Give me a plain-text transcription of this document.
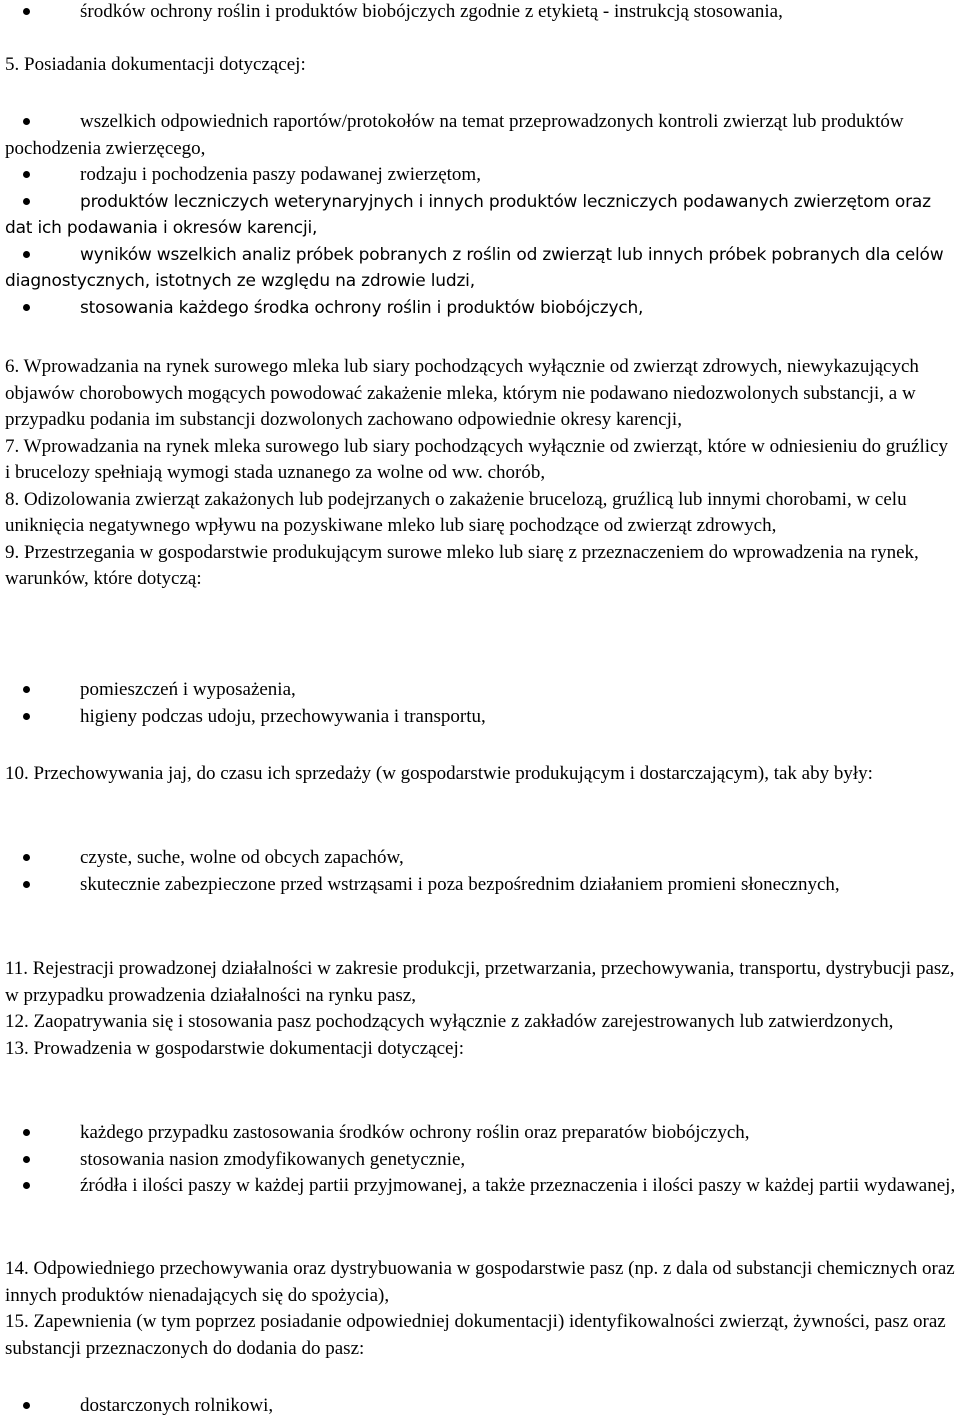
środków ochrony roślin i produktów biobójczych zgodnie z etykietą - instrukcją stosowania,

5. Posiadania dokumentacji dotyczącej:

wszelkich odpowiednich raportów/protokołów na temat przeprowadzonych kontroli zwierząt lub produktów pochodzenia zwierzęcego,

rodzaju i pochodzenia paszy podawanej zwierzętom,

produktów leczniczych weterynaryjnych i innych produktów leczniczych podawanych zwierzętom oraz dat ich podawania i okresów karencji,

wyników wszelkich analiz próbek pobranych z roślin od zwierząt lub innych próbek pobranych dla celów diagnostycznych, istotnych ze względu na zdrowie ludzi,

stosowania każdego środka ochrony roślin i produktów biobójczych,

6. Wprowadzania na rynek surowego mleka lub siary pochodzących wyłącznie od zwierząt zdrowych, niewykazujących objawów chorobowych mogących powodować zakażenie mleka, którym nie podawano niedozwolonych substancji, a w przypadku podania im substancji dozwolonych zachowano odpowiednie okresy karencji,

7. Wprowadzania na rynek mleka surowego lub siary pochodzących wyłącznie od zwierząt, które w odniesieniu do gruźlicy i brucelozy spełniają wymogi stada uznanego za wolne od ww. chorób,

8. Odizolowania zwierząt zakażonych lub podejrzanych o zakażenie brucelozą, gruźlicą lub innymi chorobami, w celu uniknięcia negatywnego wpływu na pozyskiwane mleko lub siarę pochodzące od zwierząt zdrowych,

9. Przestrzegania w gospodarstwie produkującym surowe mleko lub siarę z przeznaczeniem do wprowadzenia na rynek, warunków, które dotyczą:

pomieszczeń i wyposażenia,

higieny podczas udoju, przechowywania i transportu,

10. Przechowywania jaj, do czasu ich sprzedaży (w gospodarstwie produkującym i dostarczającym), tak aby były:

czyste, suche, wolne od obcych zapachów,

skutecznie zabezpieczone przed wstrząsami i poza bezpośrednim działaniem promieni słonecznych,

11. Rejestracji prowadzonej działalności w zakresie produkcji, przetwarzania, przechowywania, transportu, dystrybucji pasz, w przypadku prowadzenia działalności na rynku pasz,

12. Zaopatrywania się i stosowania pasz pochodzących wyłącznie z zakładów zarejestrowanych lub zatwierdzonych,

13. Prowadzenia w gospodarstwie dokumentacji dotyczącej:

każdego przypadku zastosowania środków ochrony roślin oraz preparatów biobójczych,

stosowania nasion zmodyfikowanych genetycznie,

źródła i ilości paszy w każdej partii przyjmowanej, a także przeznaczenia i ilości paszy w każdej partii wydawanej,

14. Odpowiedniego przechowywania oraz dystrybuowania w gospodarstwie pasz (np. z dala od substancji chemicznych oraz innych produktów nienadających się do spożycia),

15. Zapewnienia (w tym poprzez posiadanie odpowiedniej dokumentacji) identyfikowalności zwierząt, żywności, pasz oraz substancji przeznaczonych do dodania do pasz:

dostarczonych rolnikowi,
